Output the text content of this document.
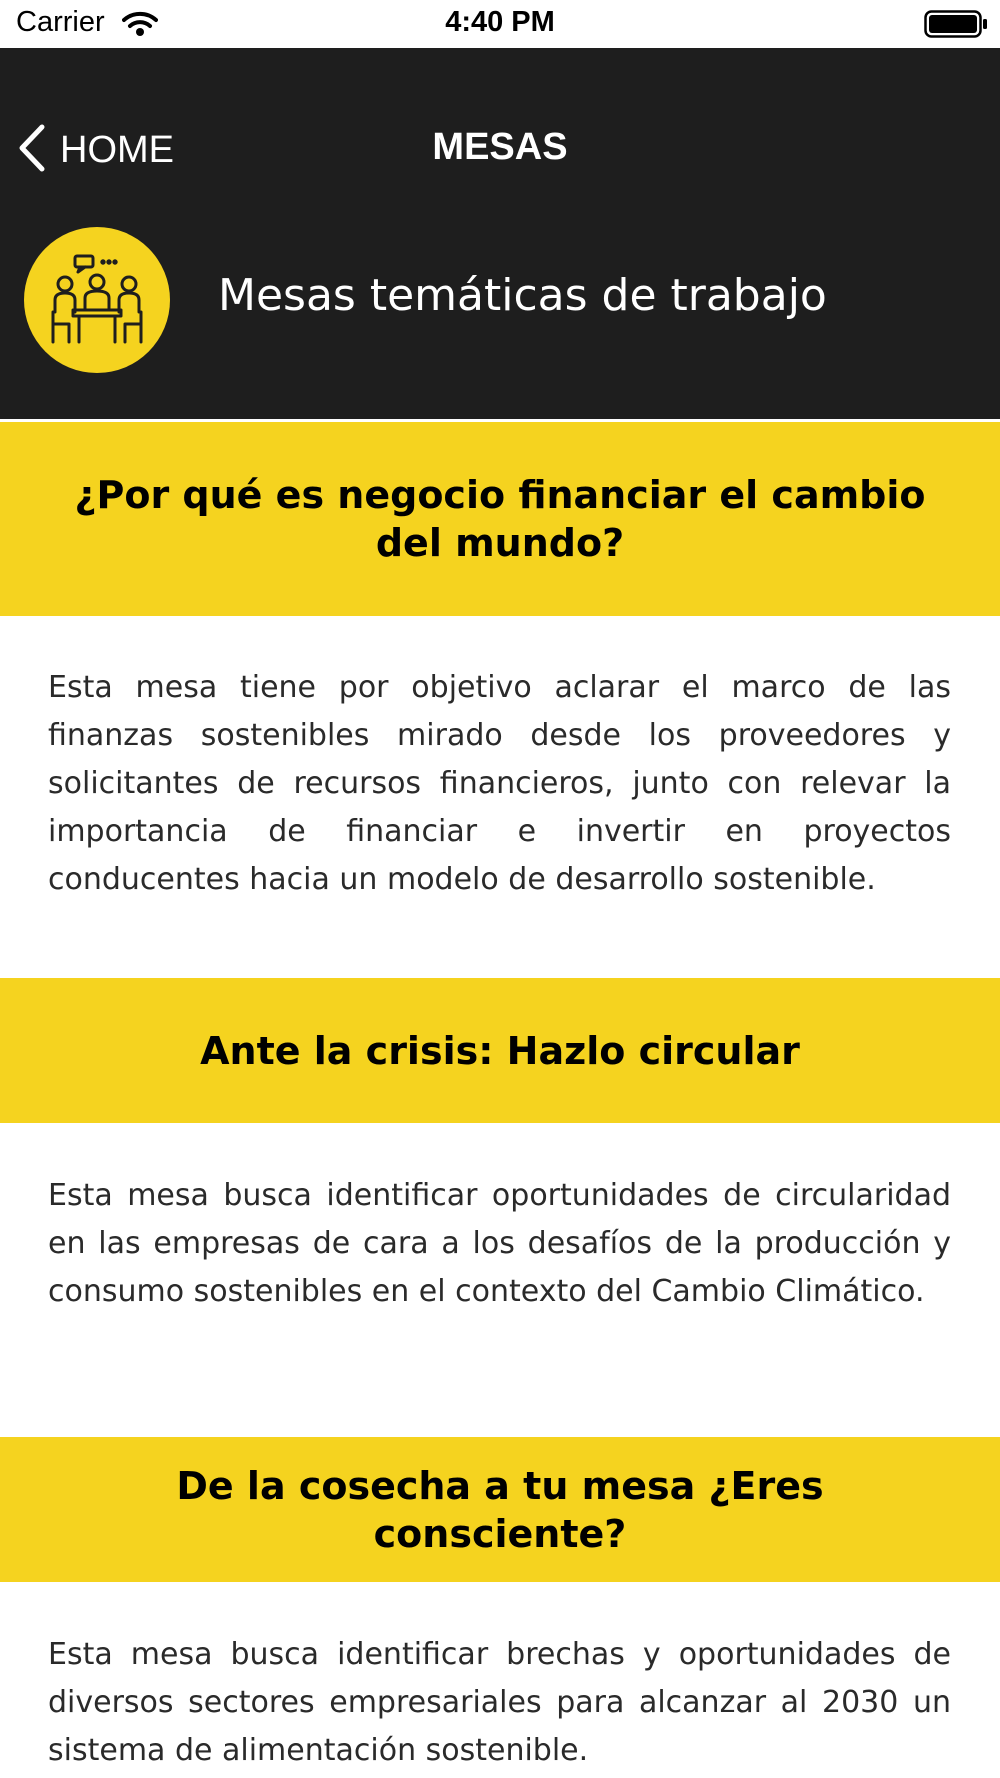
Carrier	4:40 PM
HOME	MESAS
Mesas temáticas de trabajo
¿Por qué es negocio financiar el cambio del mundo?
Esta mesa tiene por objetivo aclarar el marco de las finanzas sostenibles mirado desde los proveedores y solicitantes de recursos financieros, junto con relevar la importancia de financiar e invertir en proyectos conducentes hacia un modelo de desarrollo sostenible.
Ante la crisis: Hazlo circular
Esta mesa busca identificar oportunidades de circularidad en las empresas de cara a los desafíos de la producción y consumo sostenibles en el contexto del Cambio Climático.
De la cosecha a tu mesa ¿Eres consciente?
Esta mesa busca identificar brechas y oportunidades de diversos sectores empresariales para alcanzar al 2030 un sistema de alimentación sostenible.
